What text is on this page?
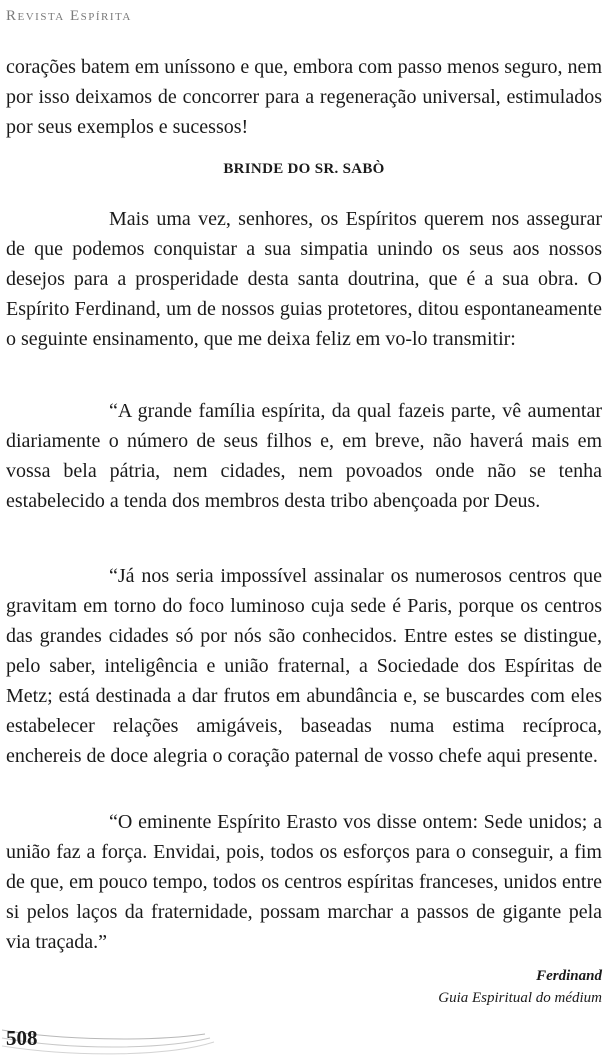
Revista Espírita

corações batem em uníssono e que, embora com passo menos seguro, nem por isso deixamos de concorrer para a regeneração universal, estimulados por seus exemplos e sucessos!

BRINDE DO SR. SABÒ

Mais uma vez, senhores, os Espíritos querem nos assegurar de que podemos conquistar a sua simpatia unindo os seus aos nossos desejos para a prosperidade desta santa doutrina, que é a sua obra. O Espírito Ferdinand, um de nossos guias protetores, ditou espontaneamente o seguinte ensinamento, que me deixa feliz em vo-lo transmitir:

“A grande família espírita, da qual fazeis parte, vê aumentar diariamente o número de seus filhos e, em breve, não haverá mais em vossa bela pátria, nem cidades, nem povoados onde não se tenha estabelecido a tenda dos membros desta tribo abençoada por Deus.

“Já nos seria impossível assinalar os numerosos centros que gravitam em torno do foco luminoso cuja sede é Paris, porque os centros das grandes cidades só por nós são conhecidos. Entre estes se distingue, pelo saber, inteligência e união fraternal, a Sociedade dos Espíritas de Metz; está destinada a dar frutos em abundância e, se buscardes com eles estabelecer relações amigáveis, baseadas numa estima recíproca, enchereis de doce alegria o coração paternal de vosso chefe aqui presente.

“O eminente Espírito Erasto vos disse ontem: Sede unidos; a união faz a força. Envidai, pois, todos os esforços para o conseguir, a fim de que, em pouco tempo, todos os centros espíritas franceses, unidos entre si pelos laços da fraternidade, possam marchar a passos de gigante pela via traçada.”

Ferdinand

Guia Espiritual do médium

508
